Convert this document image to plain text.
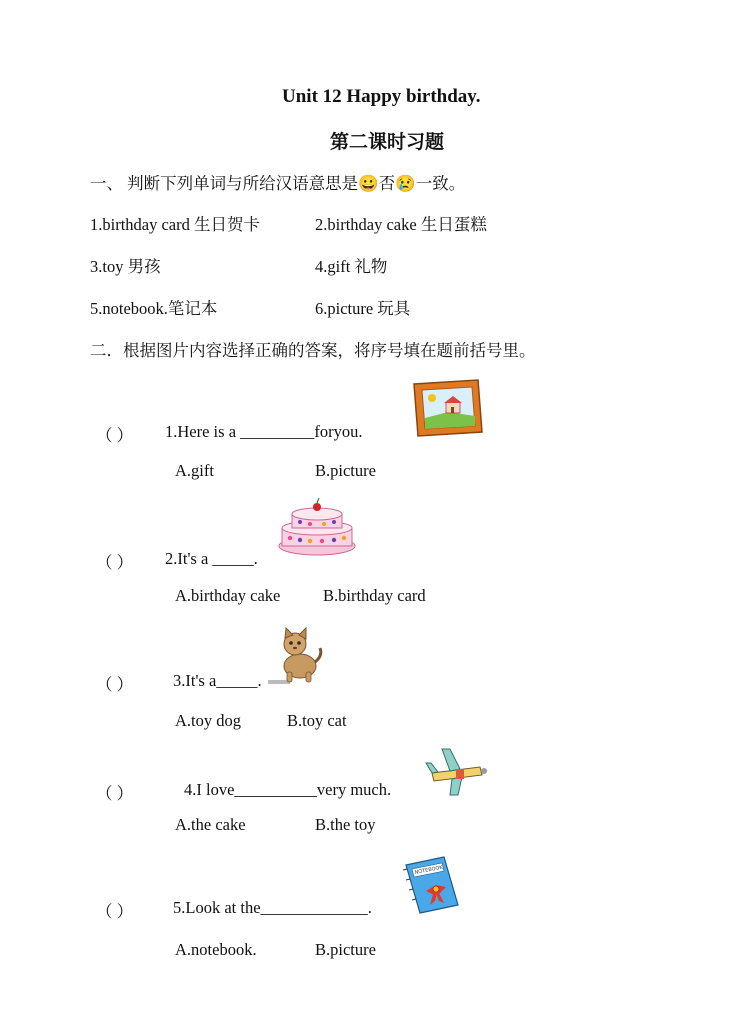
Unit 12 Happy birthday.
第二课时习题
一、 判断下列单词与所给汉语意思是😀否😢一致。
1.birthday card 生日贺卡	2.birthday cake 生日蛋糕
3.toy 男孩	4.gift 礼物
5.notebook.笔记本	6.picture 玩具
二．根据图片内容选择正确的答案，将序号填在题前括号里。
（ ） 1.Here is a _________foryou.
A.gift	B.picture
（ ） 2.It's a _____.
A.birthday cake	B.birthday card
（ ） 3.It's a_____.
A.toy dog	B.toy cat
（ ）	4.I love__________very much.
A.the cake	B.the toy
（ ） 5.Look at the_____________.
A.notebook.	B.picture
NOTEBOOK
